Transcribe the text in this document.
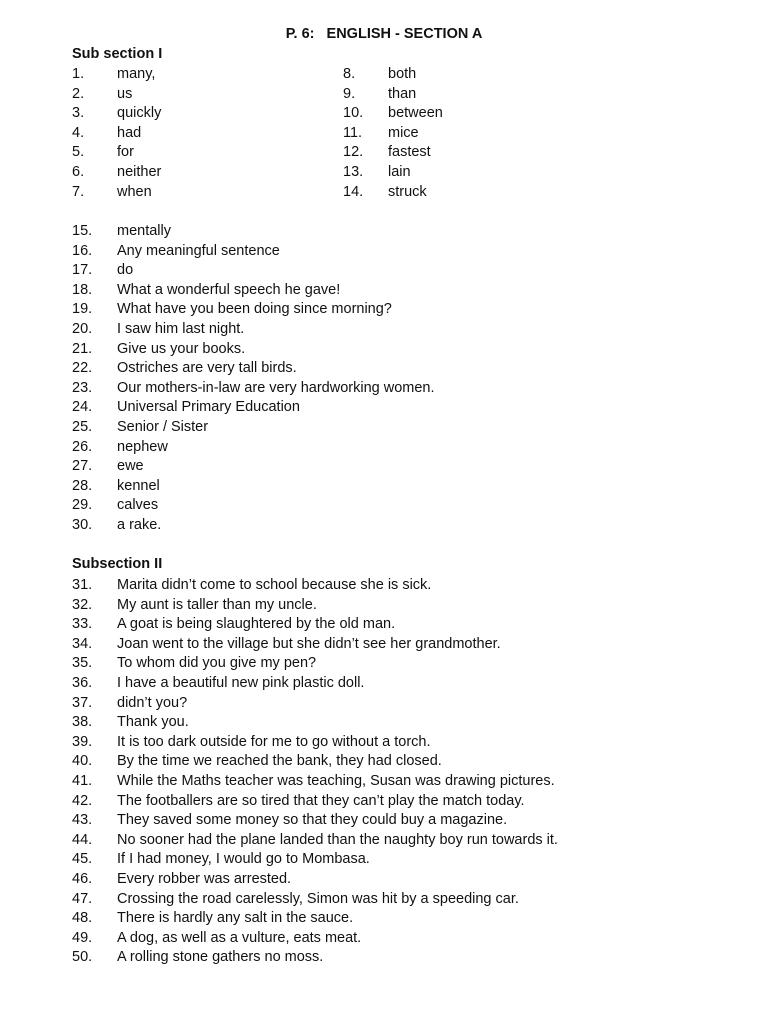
P. 6:   ENGLISH - SECTION A
Sub section I
1. many,
2. us
3. quickly
4. had
5. for
6. neither
7. when
8. both
9. than
10. between
11. mice
12. fastest
13. lain
14. struck
15. mentally
16. Any meaningful sentence
17. do
18. What a wonderful speech he gave!
19. What have you been doing since morning?
20. I saw him last night.
21. Give us your books.
22. Ostriches are very tall birds.
23. Our mothers-in-law are very hardworking women.
24. Universal Primary Education
25. Senior / Sister
26. nephew
27. ewe
28. kennel
29. calves
30. a rake.
Subsection II
31. Marita didn’t come to school because she is sick.
32. My aunt is taller than my uncle.
33. A goat is being slaughtered by the old man.
34. Joan went to the village but she didn’t see her grandmother.
35. To whom did you give my pen?
36. I have a beautiful new pink plastic doll.
37. didn’t you?
38. Thank you.
39. It is too dark outside for me to go without a torch.
40. By the time we reached the bank, they had closed.
41. While the Maths teacher was teaching, Susan was drawing pictures.
42. The footballers are so tired that they can’t play the match today.
43. They saved some money so that they could buy a magazine.
44. No sooner had the plane landed than the naughty boy run towards it.
45. If I had money, I would go to Mombasa.
46. Every robber was arrested.
47. Crossing the road carelessly, Simon was hit by a speeding car.
48. There is hardly any salt in the sauce.
49. A dog, as well as a vulture, eats meat.
50. A rolling stone gathers no moss.
